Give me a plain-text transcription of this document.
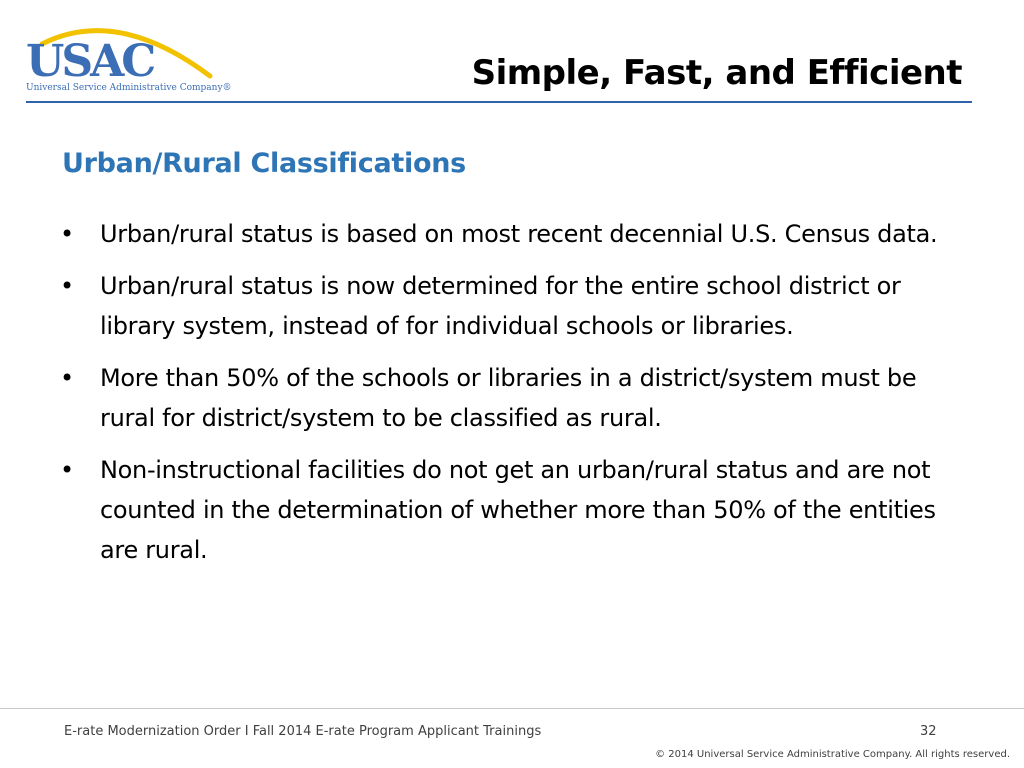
USAC
Universal Service Administrative Company®	Simple, Fast, and Efficient
Urban/Rural Classifications
• Urban/rural status is based on most recent decennial U.S. Census data.
• Urban/rural status is now determined for the entire school district or library system, instead of for individual schools or libraries.
• More than 50% of the schools or libraries in a district/system must be rural for district/system to be classified as rural.
• Non-instructional facilities do not get an urban/rural status and are not counted in the determination of whether more than 50% of the entities are rural.
E-rate Modernization Order I Fall 2014 E-rate Program Applicant Trainings	32
© 2014 Universal Service Administrative Company. All rights reserved.
